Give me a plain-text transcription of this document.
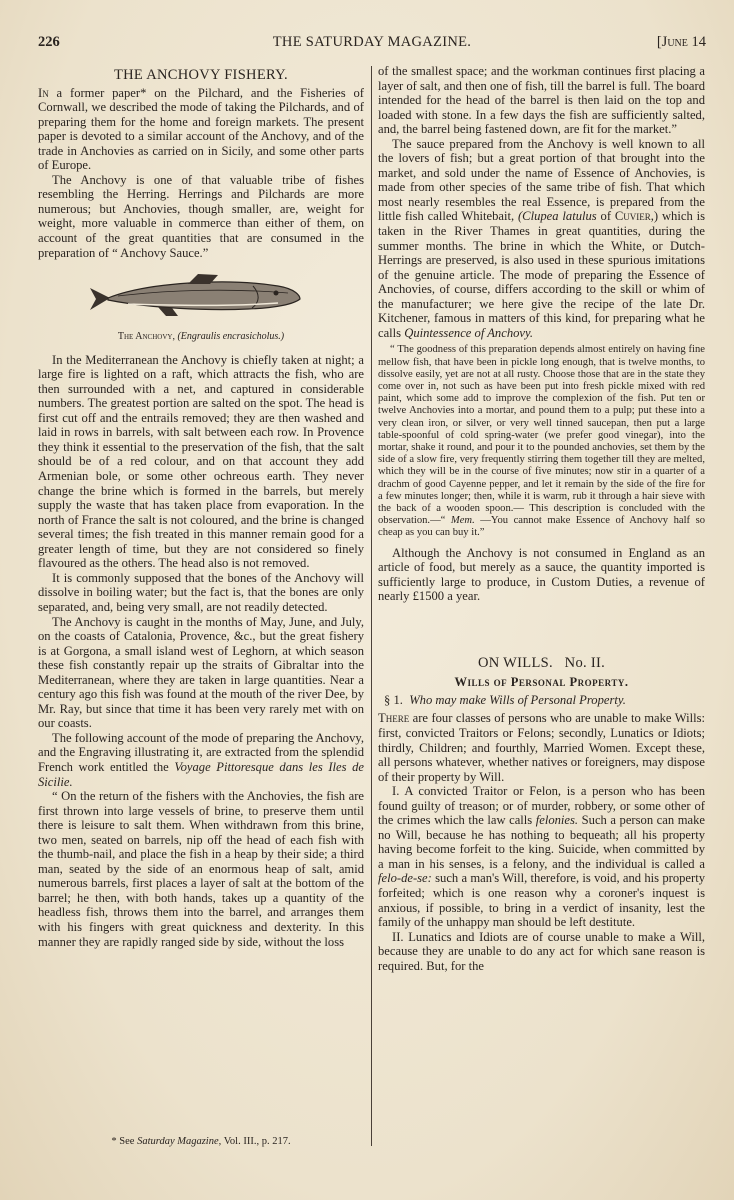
226	THE SATURDAY MAGAZINE.	[June 14
THE ANCHOVY FISHERY.

In a former paper* on the Pilchard, and the Fisheries of Cornwall, we described the mode of taking the Pilchards, and of preparing them for the home and foreign markets. The present paper is devoted to a similar account of the Anchovy, and of the trade in Anchovies as carried on in Sicily, and some other parts of Europe.

The Anchovy is one of that valuable tribe of fishes resembling the Herring. Herrings and Pilchards are more numerous; but Anchovies, though smaller, are, weight for weight, more valuable in commerce than either of them, on account of the great quantities that are consumed in the preparation of “ Anchovy Sauce.”

The Anchovy, (Engraulis encrasicholus.)

In the Mediterranean the Anchovy is chiefly taken at night; a large fire is lighted on a raft, which attracts the fish, who are then surrounded with a net, and captured in considerable numbers. The greatest portion are salted on the spot. The head is first cut off and the entrails removed; they are then washed and laid in rows in barrels, with salt between each row. In Provence they think it essential to the preservation of the fish, that the salt should be of a red colour, and on that account they add Armenian bole, or some other ochreous earth. They never change the brine which is formed in the barrels, but merely supply the waste that has taken place from evaporation. In the north of France the salt is not coloured, and the brine is changed several times; the fish treated in this manner remain good for a greater length of time, but they are not considered so finely flavoured as the others. The head also is not removed.

It is commonly supposed that the bones of the Anchovy will dissolve in boiling water; but the fact is, that the bones are only separated, and, being very small, are not readily detected.

The Anchovy is caught in the months of May, June, and July, on the coasts of Catalonia, Provence, &c., but the great fishery is at Gorgona, a small island west of Leghorn, at which season these fish constantly repair up the straits of Gibraltar into the Mediterranean, where they are taken in large quantities. Near a century ago this fish was found at the mouth of the river Dee, by Mr. Ray, but since that time it has been very rarely met with on our coasts.

The following account of the mode of preparing the Anchovy, and the Engraving illustrating it, are extracted from the splendid French work entitled the Voyage Pittoresque dans les Iles de Sicilie.

“ On the return of the fishers with the Anchovies, the fish are first thrown into large vessels of brine, to preserve them until there is leisure to salt them. When withdrawn from this brine, two men, seated on barrels, nip off the head of each fish with the thumb-nail, and place the fish in a heap by their side; a third man, seated by the side of an enormous heap of salt, amid numerous barrels, first places a layer of salt at the bottom of the barrel; he then, with both hands, takes up a quantity of the headless fish, throws them into the barrel, and arranges them with his fingers with great quickness and dexterity. In this manner they are rapidly ranged side by side, without the loss

* See Saturday Magazine, Vol. III., p. 217.

of the smallest space; and the workman continues first placing a layer of salt, and then one of fish, till the barrel is full. The board intended for the head of the barrel is then laid on the top and loaded with stone. In a few days the fish are sufficiently salted, and, the barrel being fastened down, are fit for the market.”

The sauce prepared from the Anchovy is well known to all the lovers of fish; but a great portion of that brought into the market, and sold under the name of Essence of Anchovies, is made from other species of the same tribe of fish. That which most nearly resembles the real Essence, is prepared from the little fish called Whitebait, (Clupea latulus of Cuvier,) which is taken in the River Thames in great quantities, during the summer months. The brine in which the White, or Dutch-Herrings are preserved, is also used in these spurious imitations of the genuine article. The mode of preparing the Essence of Anchovies, of course, differs according to the skill or whim of the manufacturer; we here give the recipe of the late Dr. Kitchener, famous in matters of this kind, for preparing what he calls Quintessence of Anchovy.

“ The goodness of this preparation depends almost entirely on having fine mellow fish, that have been in pickle long enough, that is twelve months, to dissolve easily, yet are not at all rusty. Choose those that are in the state they come over in, not such as have been put into fresh pickle mixed with red paint, which some add to improve the complexion of the fish. Put ten or twelve Anchovies into a mortar, and pound them to a pulp; put these into a very clean iron, or silver, or very well tinned saucepan, then put a large table-spoonful of cold spring-water (we prefer good vinegar), into the mortar, shake it round, and pour it to the pounded anchovies, set them by the side of a slow fire, very frequently stirring them together till they are melted, which they will be in the course of five minutes; now stir in a quarter of a drachm of good Cayenne pepper, and let it remain by the side of the fire for a few minutes longer; then, while it is warm, rub it through a hair sieve with the back of a wooden spoon.— This description is concluded with the observation.—“ Mem. —You cannot make Essence of Anchovy half so cheap as you can buy it.”

Although the Anchovy is not consumed in England as an article of food, but merely as a sauce, the quantity imported is sufficiently large to produce, in Custom Duties, a revenue of nearly £1500 a year.

ON WILLS.   No. II.
Wills of Personal Property.

§ 1.  Who may make Wills of Personal Property.

There are four classes of persons who are unable to make Wills: first, convicted Traitors or Felons; secondly, Lunatics or Idiots; thirdly, Children; and fourthly, Married Women. Except these, all persons whatever, whether natives or foreigners, may dispose of their property by Will.

I. A convicted Traitor or Felon, is a person who has been found guilty of treason; or of murder, robbery, or some other of the crimes which the law calls felonies. Such a person can make no Will, because he has nothing to bequeath; all his property having become forfeit to the king. Suicide, when committed by a man in his senses, is a felony, and the individual is called a felo-de-se: such a man's Will, therefore, is void, and his property forfeited; which is one reason why a coroner's inquest is anxious, if possible, to bring in a verdict of insanity, lest the family of the unhappy man should be left destitute.

II. Lunatics and Idiots are of course unable to make a Will, because they are unable to do any act for which sane reason is required. But, for the
